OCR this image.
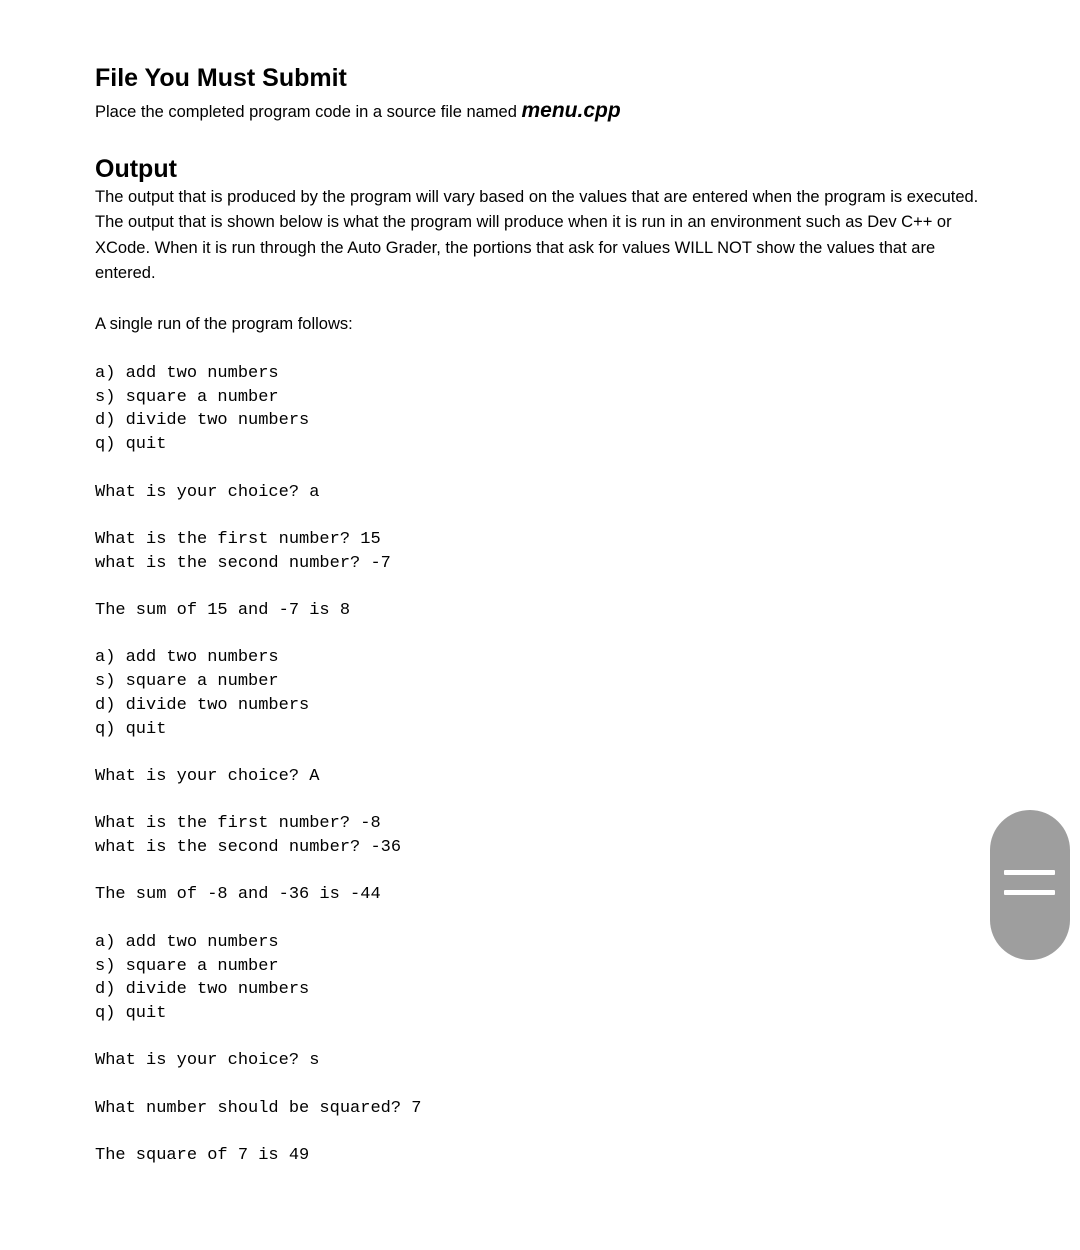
File You Must Submit

Place the completed program code in a source file named menu.cpp

Output

The output that is produced by the program will vary based on the values that are entered when the program is executed. The output that is shown below is what the program will produce when it is run in an environment such as Dev C++ or XCode. When it is run through the Auto Grader, the portions that ask for values WILL NOT show the values that are entered.

A single run of the program follows:

a) add two numbers
s) square a number
d) divide two numbers
q) quit

What is your choice? a

What is the first number? 15
what is the second number? -7

The sum of 15 and -7 is 8

a) add two numbers
s) square a number
d) divide two numbers
q) quit

What is your choice? A

What is the first number? -8
what is the second number? -36

The sum of -8 and -36 is -44

a) add two numbers
s) square a number
d) divide two numbers
q) quit

What is your choice? s

What number should be squared? 7

The square of 7 is 49
